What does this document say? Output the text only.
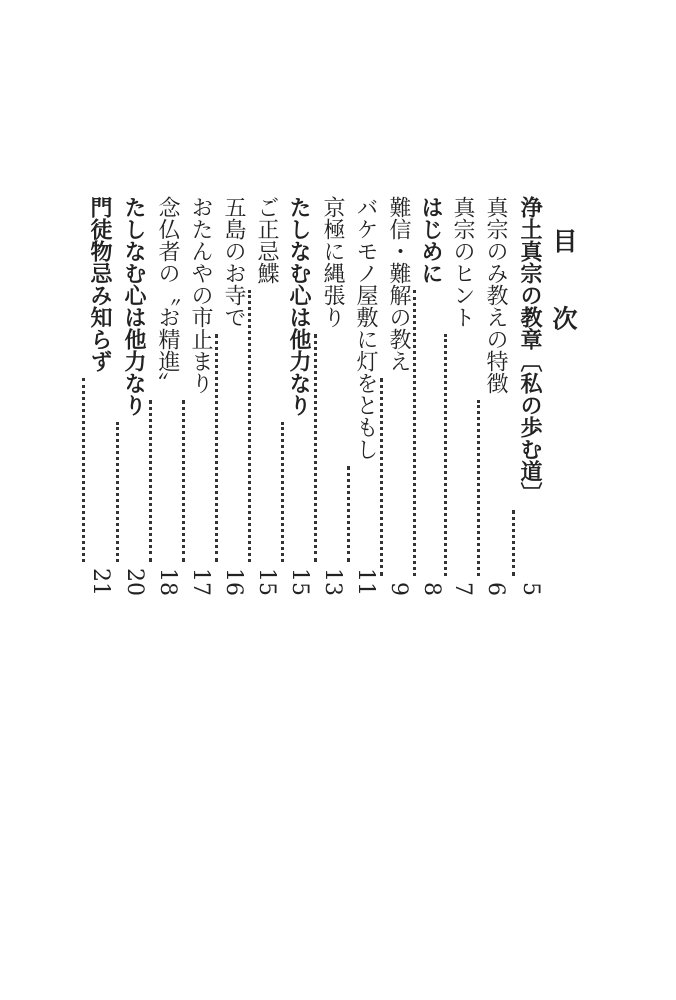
目 次
浄土真宗の教章〔私の歩む道〕
5
真宗のみ教えの特徴
6
真宗のヒント
7
はじめに
8
難信・難解の教え
9
バケモノ屋敷に灯をともし
11
京極に縄張り
13
たしなむ心は他力なり
15
ご正忌鰈
15
五島のお寺で
16
おたんやの市止まり
17
念仏者の〝お精進〟
18
たしなむ心は他力なり
20
門徒物忌み知らず
21
